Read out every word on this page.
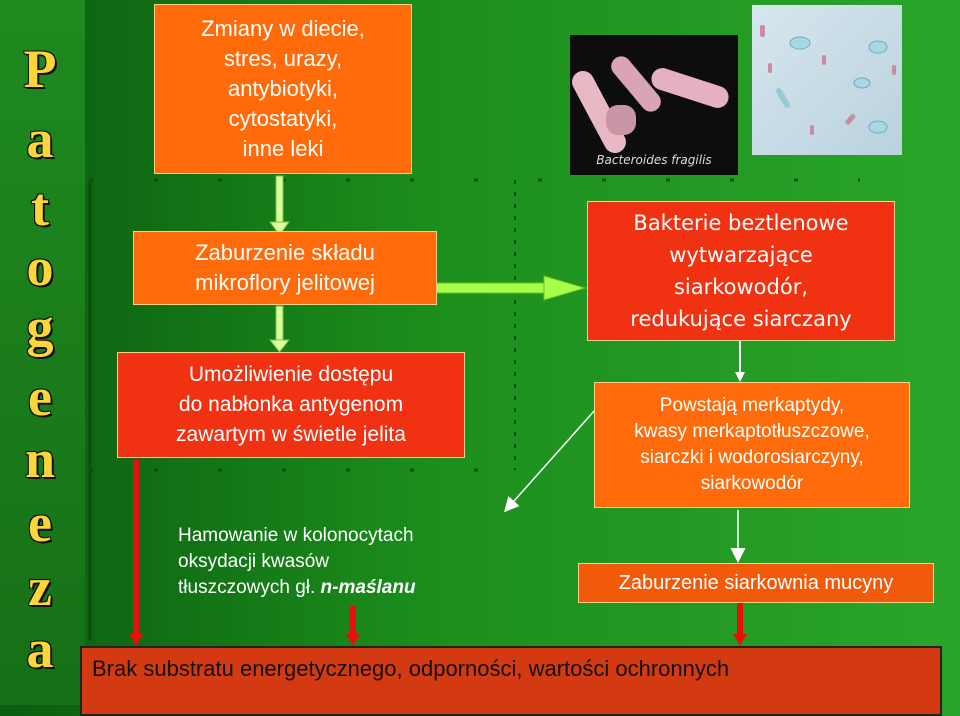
P
a
t
o
g
e
n
e
z
a
Zmiany w diecie,
stres, urazy,
antybiotyki,
cytostatyki,
inne leki
Zaburzenie składu
mikroflory jelitowej
Umożliwienie dostępu
do nabłonka antygenom
zawartym w świetle jelita
Hamowanie w kolonocytach
oksydacji kwasów
tłuszczowych gł. n-maślanu
Bakterie beztlenowe
wytwarzające
siarkowodór,
redukujące siarczany
Powstają merkaptydy,
kwasy merkaptotłuszczowe,
siarczki i wodorosiarczyny,
siarkowodór
Zaburzenie siarkownia mucyny
Bacteroides fragilis
Brak substratu energetycznego, odporności, wartości ochronnych
